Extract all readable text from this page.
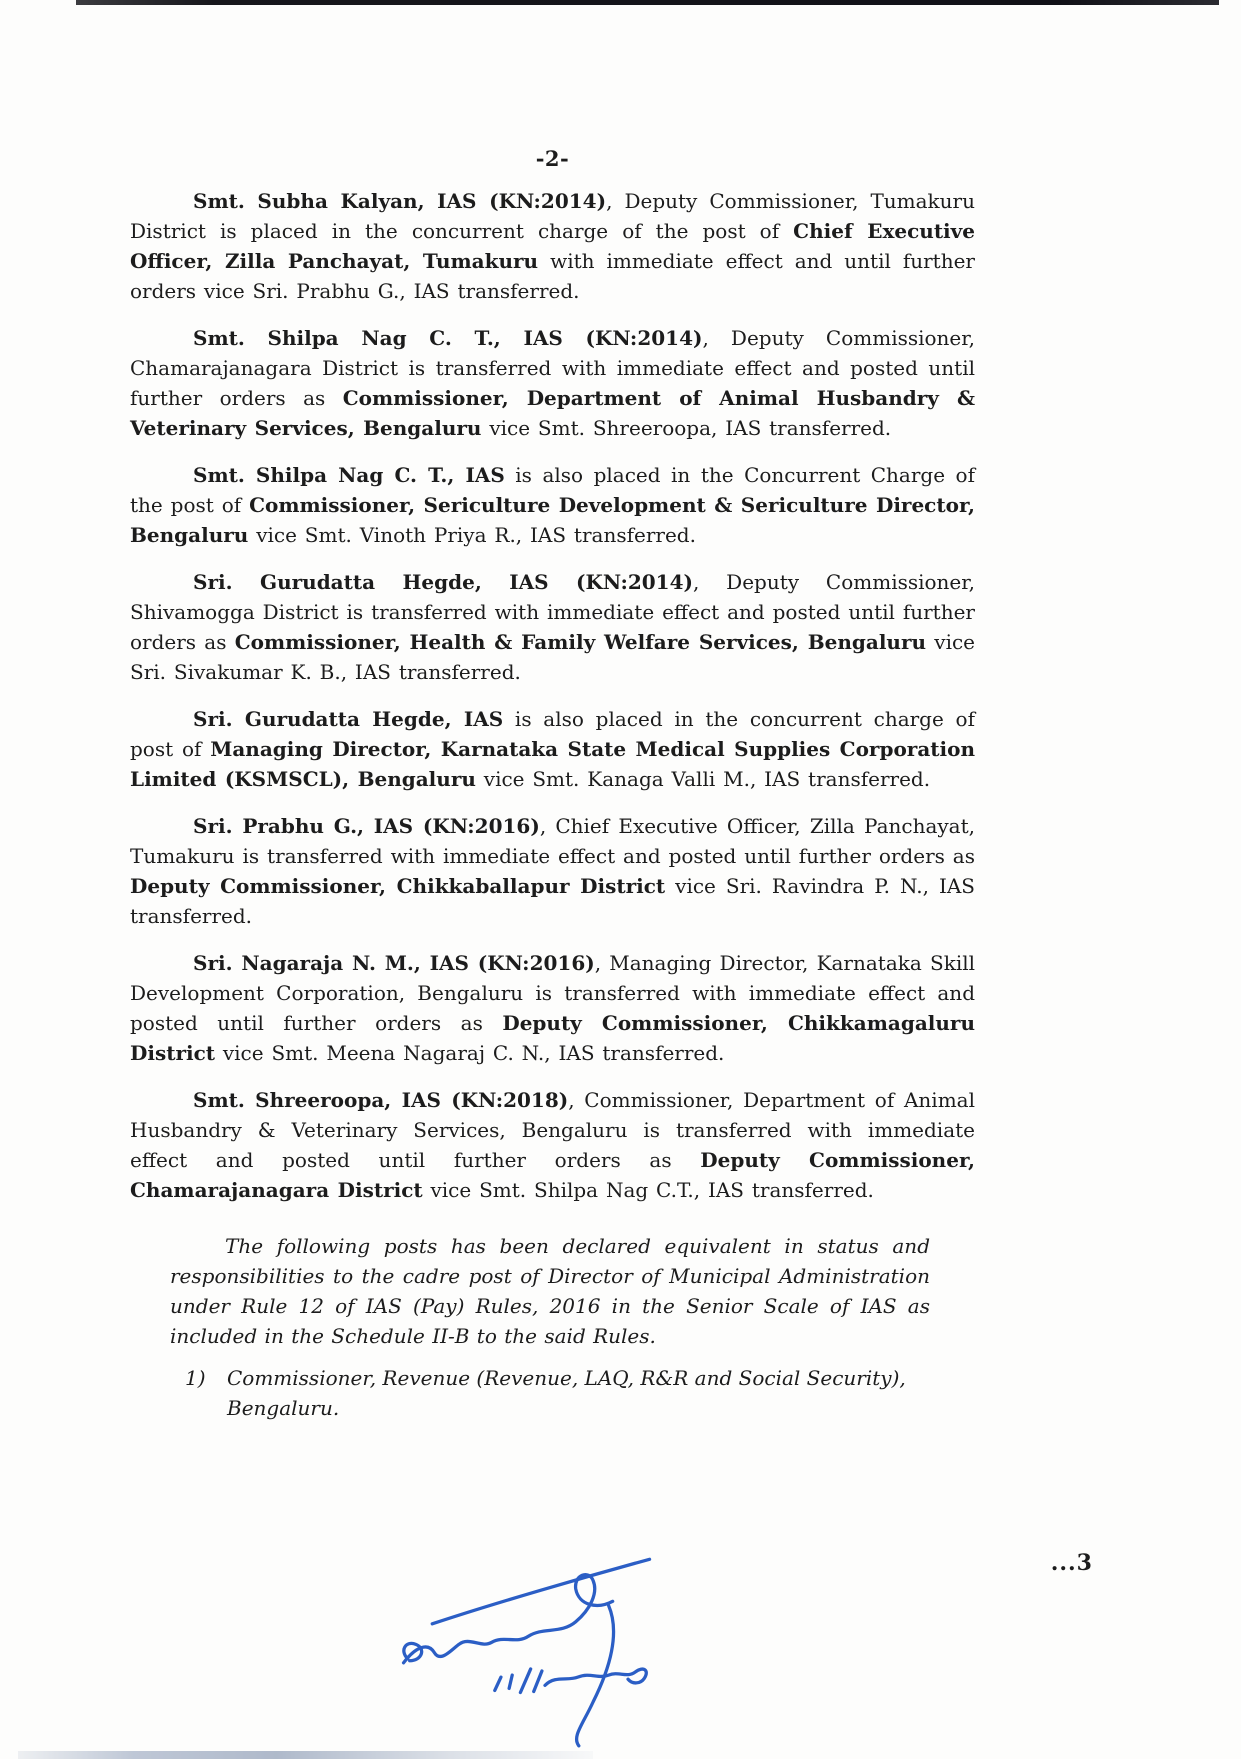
-2-

Smt. Subha Kalyan, IAS (KN:2014), Deputy Commissioner, Tumakuru District is placed in the concurrent charge of the post of Chief Executive Officer, Zilla Panchayat, Tumakuru with immediate effect and until further orders vice Sri. Prabhu G., IAS transferred.

Smt. Shilpa Nag C. T., IAS (KN:2014), Deputy Commissioner, Chamarajanagara District is transferred with immediate effect and posted until further orders as Commissioner, Department of Animal Husbandry & Veterinary Services, Bengaluru vice Smt. Shreeroopa, IAS transferred.

Smt. Shilpa Nag C. T., IAS is also placed in the Concurrent Charge of the post of Commissioner, Sericulture Development & Sericulture Director, Bengaluru vice Smt. Vinoth Priya R., IAS transferred.

Sri. Gurudatta Hegde, IAS (KN:2014), Deputy Commissioner, Shivamogga District is transferred with immediate effect and posted until further orders as Commissioner, Health & Family Welfare Services, Bengaluru vice Sri. Sivakumar K. B., IAS transferred.

Sri. Gurudatta Hegde, IAS is also placed in the concurrent charge of post of Managing Director, Karnataka State Medical Supplies Corporation Limited (KSMSCL), Bengaluru vice Smt. Kanaga Valli M., IAS transferred.

Sri. Prabhu G., IAS (KN:2016), Chief Executive Officer, Zilla Panchayat, Tumakuru is transferred with immediate effect and posted until further orders as Deputy Commissioner, Chikkaballapur District vice Sri. Ravindra P. N., IAS transferred.

Sri. Nagaraja N. M., IAS (KN:2016), Managing Director, Karnataka Skill Development Corporation, Bengaluru is transferred with immediate effect and posted until further orders as Deputy Commissioner, Chikkamagaluru District vice Smt. Meena Nagaraj C. N., IAS transferred.

Smt. Shreeroopa, IAS (KN:2018), Commissioner, Department of Animal Husbandry & Veterinary Services, Bengaluru is transferred with immediate effect and posted until further orders as Deputy Commissioner, Chamarajanagara District vice Smt. Shilpa Nag C.T., IAS transferred.

The following posts has been declared equivalent in status and responsibilities to the cadre post of Director of Municipal Administration under Rule 12 of IAS (Pay) Rules, 2016 in the Senior Scale of IAS as included in the Schedule II-B to the said Rules.

1)	Commissioner, Revenue (Revenue, LAQ, R&R and Social Security), Bengaluru.
...3
